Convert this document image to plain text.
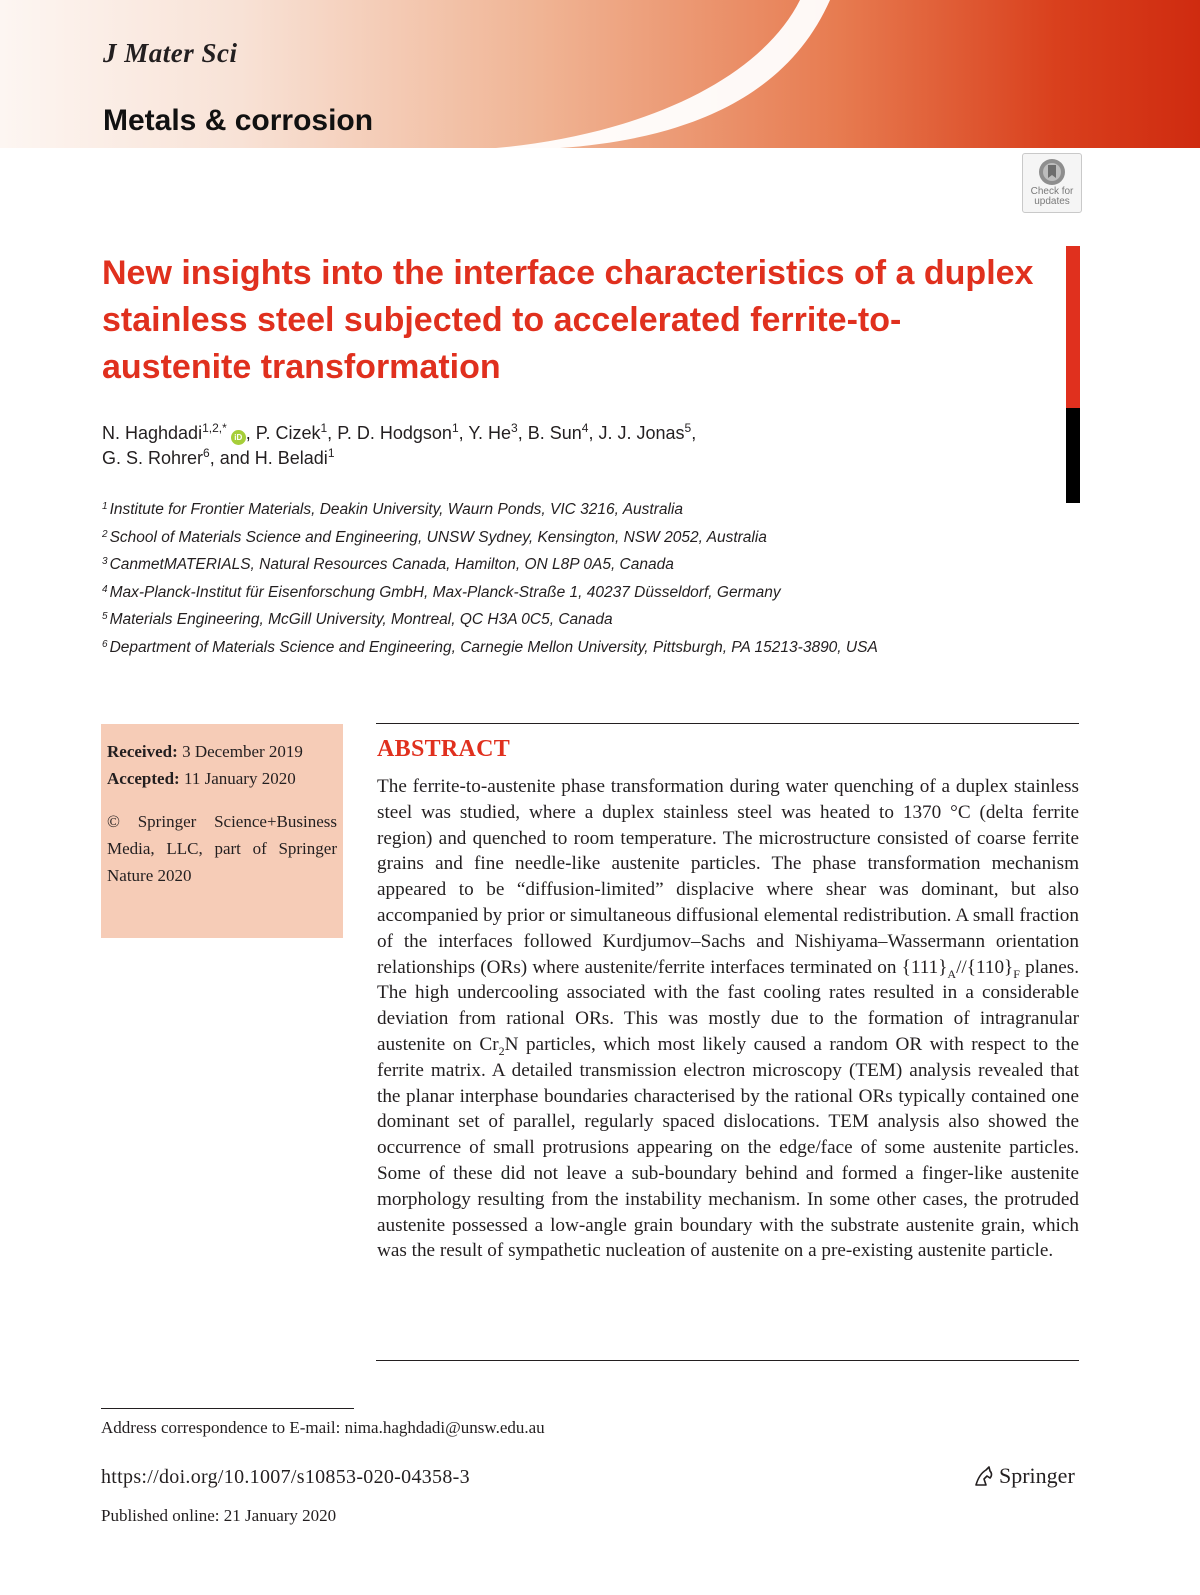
J Mater Sci
Metals & corrosion
Check for updates
New insights into the interface characteristics of a duplex stainless steel subjected to accelerated ferrite-to-austenite transformation
N. Haghdadi$^{1,2,*}$iD , P. Cizek$^1$, P. D. Hodgson$^1$, Y. He$^3$, B. Sun$^4$, J. J. Jonas$^5$,
G. S. Rohrer$^6$, and H. Beladi$^1$
$^1$ Institute for Frontier Materials, Deakin University, Waurn Ponds, VIC 3216, Australia
$^2$ School of Materials Science and Engineering, UNSW Sydney, Kensington, NSW 2052, Australia
$^3$ CanmetMATERIALS, Natural Resources Canada, Hamilton, ON L8P 0A5, Canada
$^4$ Max-Planck-Institut für Eisenforschung GmbH, Max-Planck-Straße 1, 40237 Düsseldorf, Germany
$^5$ Materials Engineering, McGill University, Montreal, QC H3A 0C5, Canada
$^6$ Department of Materials Science and Engineering, Carnegie Mellon University, Pittsburgh, PA 15213-3890, USA
Received: 3 December 2019
Accepted: 11 January 2020
© Springer Science+Business Media, LLC, part of Springer Nature 2020
ABSTRACT

The ferrite-to-austenite phase transformation during water quenching of a duplex stainless steel was studied, where a duplex stainless steel was heated to 1370 °C (delta ferrite region) and quenched to room temperature. The microstructure consisted of coarse ferrite grains and fine needle-like austenite particles. The phase transformation mechanism appeared to be “diffusion-limited” displacive where shear was dominant, but also accompanied by prior or simultaneous diffusional elemental redistribution. A small fraction of the interfaces followed Kurdjumov–Sachs and Nishiyama–Wassermann orientation relationships (ORs) where austenite/ferrite interfaces terminated on $\{111\}_A//\{110\}_F$ planes. The high undercooling associated with the fast cooling rates resulted in a considerable deviation from rational ORs. This was mostly due to the formation of intragranular austenite on $Cr_2N$ particles, which most likely caused a random OR with respect to the ferrite matrix. A detailed transmission electron microscopy (TEM) analysis revealed that the planar interphase boundaries characterised by the rational ORs typically contained one dominant set of parallel, regularly spaced dislocations. TEM analysis also showed the occurrence of small protrusions appearing on the edge/face of some austenite particles. Some of these did not leave a sub-boundary behind and formed a finger-like austenite morphology resulting from the instability mechanism. In some other cases, the protruded austenite possessed a low-angle grain boundary with the substrate austenite grain, which was the result of sympathetic nucleation of austenite on a pre-existing austenite particle.

Address correspondence to E-mail: nima.haghdadi@unsw.edu.au
https://doi.org/10.1007/s10853-020-04358-3
Published online: 21 January 2020
Springer
